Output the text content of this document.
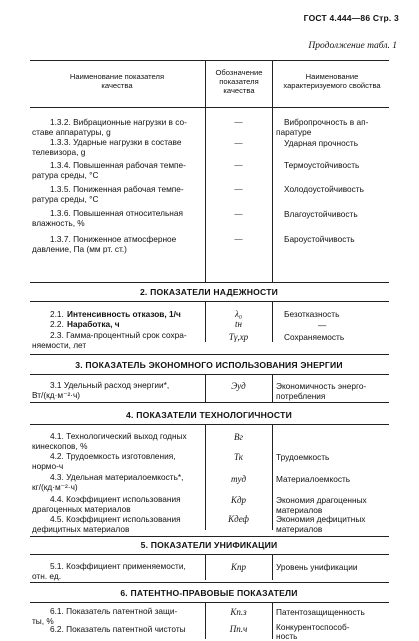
ГОСТ 4.444—86 Стр. 3
Продолжение табл. 1
Наименование показателя качества
Обозначение показателя качества
Наименование характеризуемого свойства
1.3.2. Вибрационные нагрузки в со-
ставе аппаратуры, g
—	Вибропрочность в ап-
паратуре
1.3.3. Ударные нагрузки в составе
телевизора, g
—	Ударная прочность
1.3.4. Повышенная рабочая темпе-
ратура среды, °С
—	Термоустойчивость
1.3.5. Пониженная рабочая темпе-
ратура среды, °С
—	Холодоустойчивость
1.3.6. Повышенная относительная
влажность, %
—	Влагоустойчивость
1.3.7. Пониженное атмосферное
давление, Па (мм рт. ст.)
—	Бароустойчивость
2. ПОКАЗАТЕЛИ НАДЕЖНОСТИ
2.1. Интенсивность отказов, 1/ч	λ₀	Безотказность
2.2. Наработка, ч	tн	—
2.3. Гамма-процентный срок сохра-
няемости, лет
Tγ,хр	Сохраняемость
3. ПОКАЗАТЕЛЬ ЭКОНОМНОГО ИСПОЛЬЗОВАНИЯ ЭНЕРГИИ
3.1 Удельный расход энергии*,
Вт/(кд·м⁻²·ч)
Эуд	Экономичность энерго-
потребления
4. ПОКАЗАТЕЛИ ТЕХНОЛОГИЧНОСТИ
4.1. Технологический выход годных
кинескопов, %
Вг
4.2. Трудоемкость изготовления,
нормо-ч
Тк	Трудоемкость
4.3. Удельная материалоемкость*,
кг/(кд·м⁻²·ч)
mуд	Материалоемкость
4.4. Коэффициент использования
драгоценных материалов
Кдр	Экономия драгоценных
материалов
4.5. Коэффициент использования
дефицитных материалов
Кдеф	Экономия дефицитных
материалов
5. ПОКАЗАТЕЛИ УНИФИКАЦИИ
5.1. Коэффициент применяемости,
отн. ед.
Кпр	Уровень унификации
6. ПАТЕНТНО-ПРАВОВЫЕ ПОКАЗАТЕЛИ
6.1. Показатель патентной защи-
ты, %
Кп.з	Патентозащищенность
6.2. Показатель патентной чистоты	Пп.ч	Конкурентоспособ-
ность
